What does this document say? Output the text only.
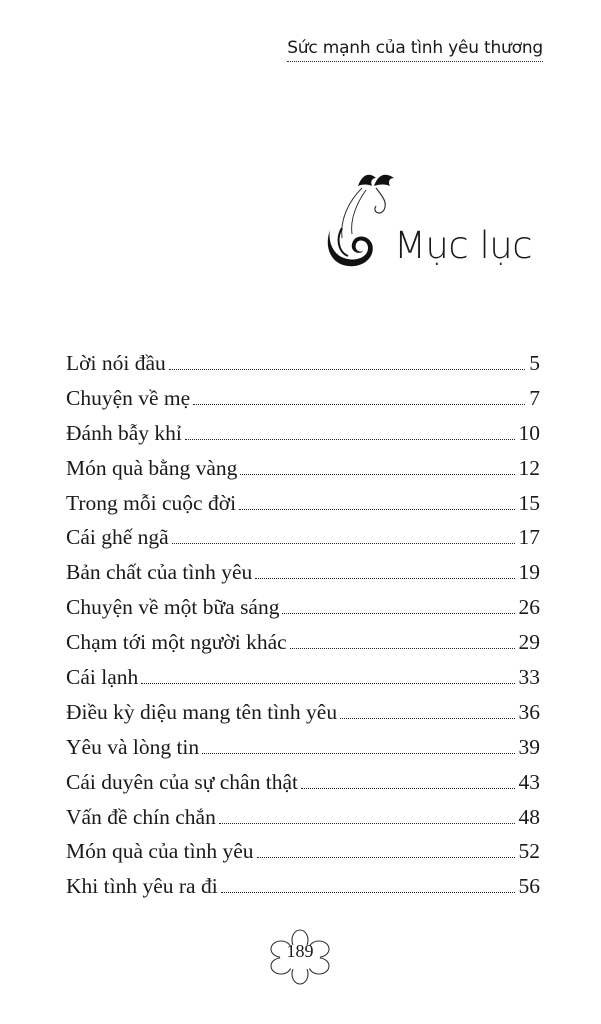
Sức mạnh của tình yêu thương
Mục lục
Lời nói đầu	5
Chuyện về mẹ	7
Đánh bẫy khỉ	10
Món quà bằng vàng	12
Trong mỗi cuộc đời	15
Cái ghế ngã	17
Bản chất của tình yêu	19
Chuyện về một bữa sáng	26
Chạm tới một người khác	29
Cái lạnh	33
Điều kỳ diệu mang tên tình yêu	36
Yêu và lòng tin	39
Cái duyên của sự chân thật	43
Vấn đề chín chắn	48
Món quà của tình yêu	52
Khi tình yêu ra đi	56
189
